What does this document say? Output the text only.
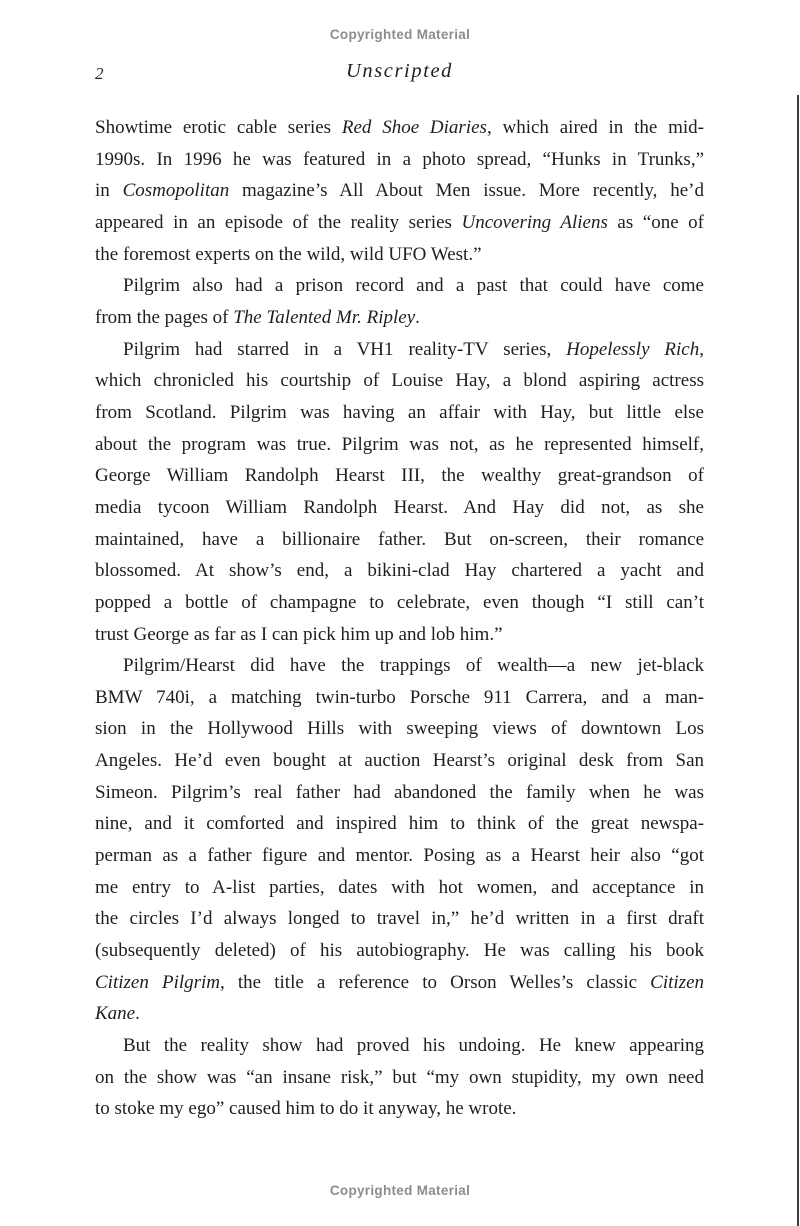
Copyrighted Material
2	Unscripted
Showtime erotic cable series Red Shoe Diaries, which aired in the mid-
1990s. In 1996 he was featured in a photo spread, “Hunks in Trunks,”
in Cosmopolitan magazine’s All About Men issue. More recently, he’d
appeared in an episode of the reality series Uncovering Aliens as “one of
the foremost experts on the wild, wild UFO West.”
Pilgrim also had a prison record and a past that could have come
from the pages of The Talented Mr. Ripley.
Pilgrim had starred in a VH1 reality-TV series, Hopelessly Rich,
which chronicled his courtship of Louise Hay, a blond aspiring actress
from Scotland. Pilgrim was having an affair with Hay, but little else
about the program was true. Pilgrim was not, as he represented himself,
George William Randolph Hearst III, the wealthy great-grandson of
media tycoon William Randolph Hearst. And Hay did not, as she
maintained, have a billionaire father. But on-screen, their romance
blossomed. At show’s end, a bikini-clad Hay chartered a yacht and
popped a bottle of champagne to celebrate, even though “I still can’t
trust George as far as I can pick him up and lob him.”
Pilgrim/Hearst did have the trappings of wealth—a new jet-black
BMW 740i, a matching twin-turbo Porsche 911 Carrera, and a man-
sion in the Hollywood Hills with sweeping views of downtown Los
Angeles. He’d even bought at auction Hearst’s original desk from San
Simeon. Pilgrim’s real father had abandoned the family when he was
nine, and it comforted and inspired him to think of the great newspa-
perman as a father figure and mentor. Posing as a Hearst heir also “got
me entry to A-list parties, dates with hot women, and acceptance in
the circles I’d always longed to travel in,” he’d written in a first draft
(subsequently deleted) of his autobiography. He was calling his book
Citizen Pilgrim, the title a reference to Orson Welles’s classic Citizen
Kane.
But the reality show had proved his undoing. He knew appearing
on the show was “an insane risk,” but “my own stupidity, my own need
to stoke my ego” caused him to do it anyway, he wrote.
Copyrighted Material
